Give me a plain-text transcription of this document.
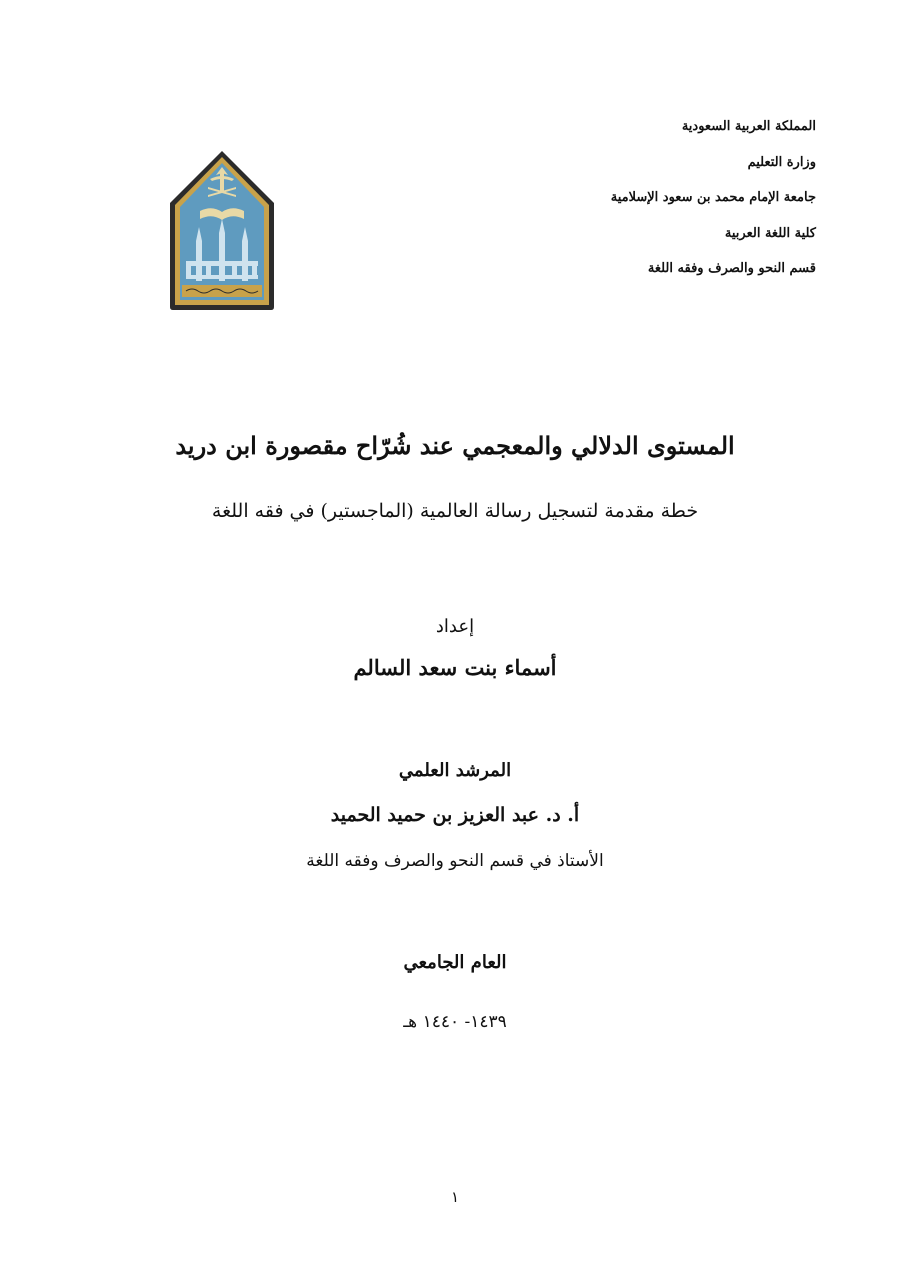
المملكة العربية السعودية
وزارة التعليم
جامعة الإمام محمد بن سعود الإسلامية
كلية اللغة العربية
قسم النحو والصرف وفقه اللغة
المستوى الدلالي والمعجمي عند شُرّاح مقصورة ابن دريد
خطة مقدمة لتسجيل رسالة العالمية (الماجستير) في فقه اللغة
إعداد
أسماء بنت سعد السالم
المرشد العلمي
أ. د. عبد العزيز بن حميد الحميد
الأستاذ في قسم النحو والصرف وفقه اللغة
العام الجامعي
١٤٣٩- ١٤٤٠ هـ
١
